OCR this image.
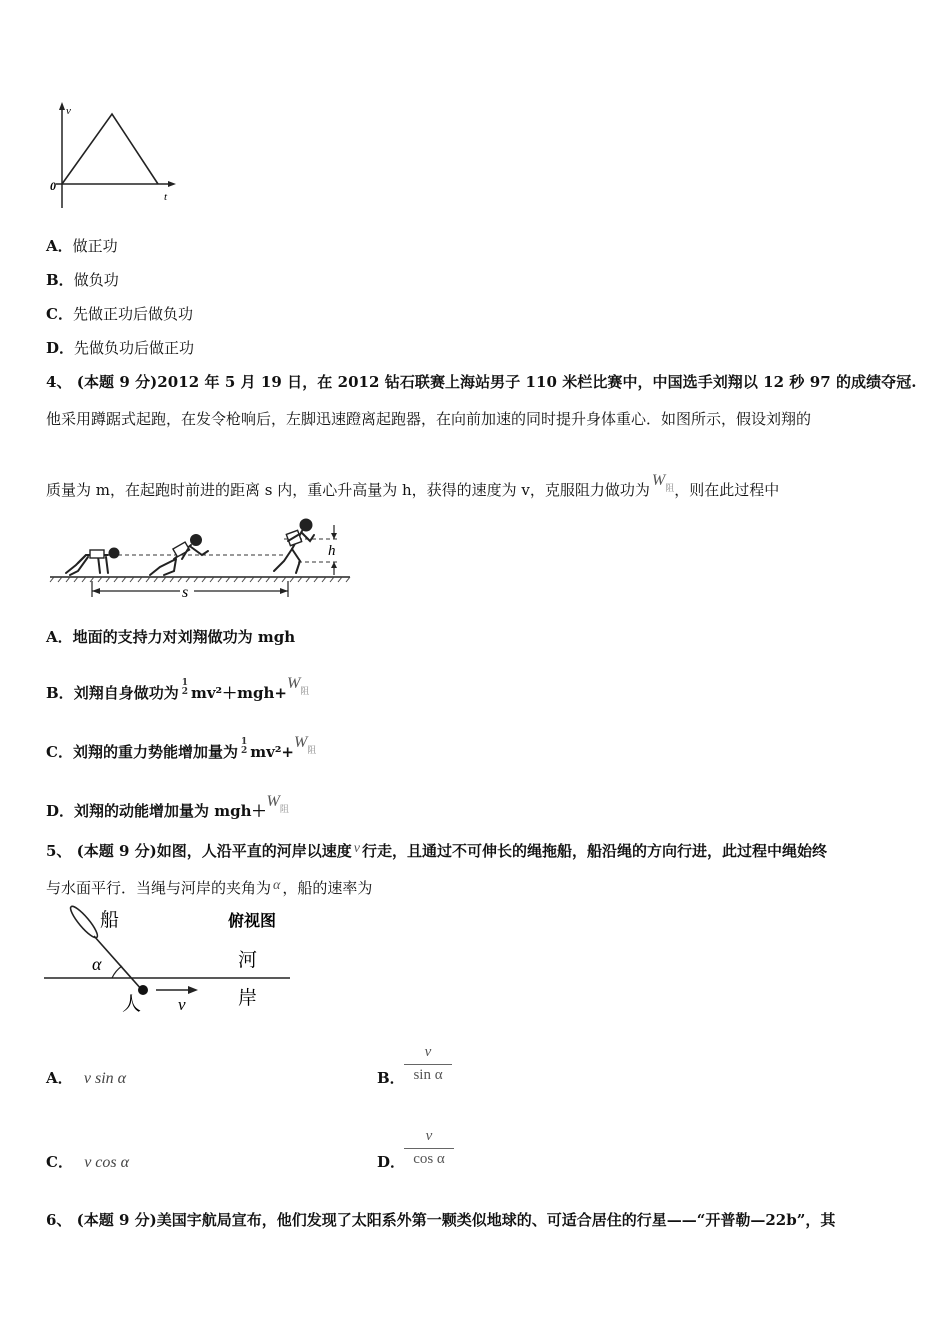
v
0
t
A．做正功
B．做负功
C．先做正功后做负功
D．先做负功后做正功
4、 (本题 9 分)2012 年 5 月 19 日，在 2012 钻石联赛上海站男子 110 米栏比赛中，中国选手刘翔以 12 秒 97 的成绩夺冠.
他采用蹲踞式起跑，在发令枪响后，左脚迅速蹬离起跑器，在向前加速的同时提升身体重心．如图所示，假设刘翔的
质量为 m，在起跑时前进的距离 s 内，重心升高量为 h，获得的速度为 v，克服阻力做功为$W_阻$，则在此过程中
h
s
A．地面的支持力对刘翔做功为 mgh
B．刘翔自身做功为
1
2 $mv^2+mgh+W_阻$
C．刘翔的重力势能增加量为
1
2 $mv^2+W_阻$
D．刘翔的动能增加量为 $mgh+W_阻$
5、 (本题 9 分)如图，人沿平直的河岸以速度 v 行走，且通过不可伸长的绳拖船，船沿绳的方向行进，此过程中绳始终
与水面平行．当绳与河岸的夹角为 α ，船的速率为
船	俯视图
河
岸
人
α
v
A． v sin α	B．
v
sin α
C． v cos α	D．
v
cos α
6、 (本题 9 分)美国宇航局宣布，他们发现了太阳系外第一颗类似地球的、可适合居住的行星——“开普勒—22b”，其
